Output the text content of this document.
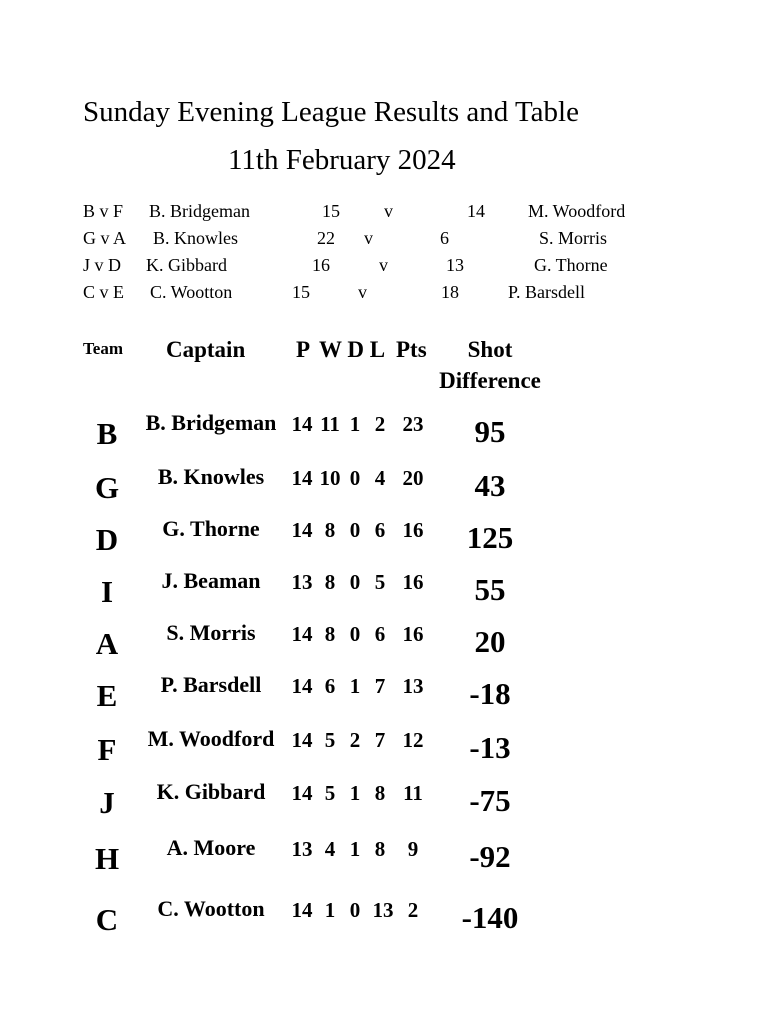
Sunday Evening League Results and Table
11th February 2024
B v F B. Bridgeman	15 v	14 M. Woodford
G v A B. Knowles	22 v	6	S. Morris
J v D K. Gibbard	16	v	13	G. Thorne
C v E C. Wootton	15	v	18	P. Barsdell
Team Captain P W D L Pts Shot
Difference
B B. Bridgeman 14 11 1 2 23 95
G B. Knowles 14 10 0 4 20 43
D G. Thorne 14 8 0 6 16 125
I J. Beaman 13 8 0 5 16 55
A S. Morris 14 8 0 6 16 20
E P. Barsdell 14 6 1 7 13 -18
F M. Woodford 14 5 2 7 12 -13
J K. Gibbard 14 5 1 8 11 -75
H A. Moore 13 4 1 8 9 -92
C C. Wootton 14 1 0 13 2 -140
